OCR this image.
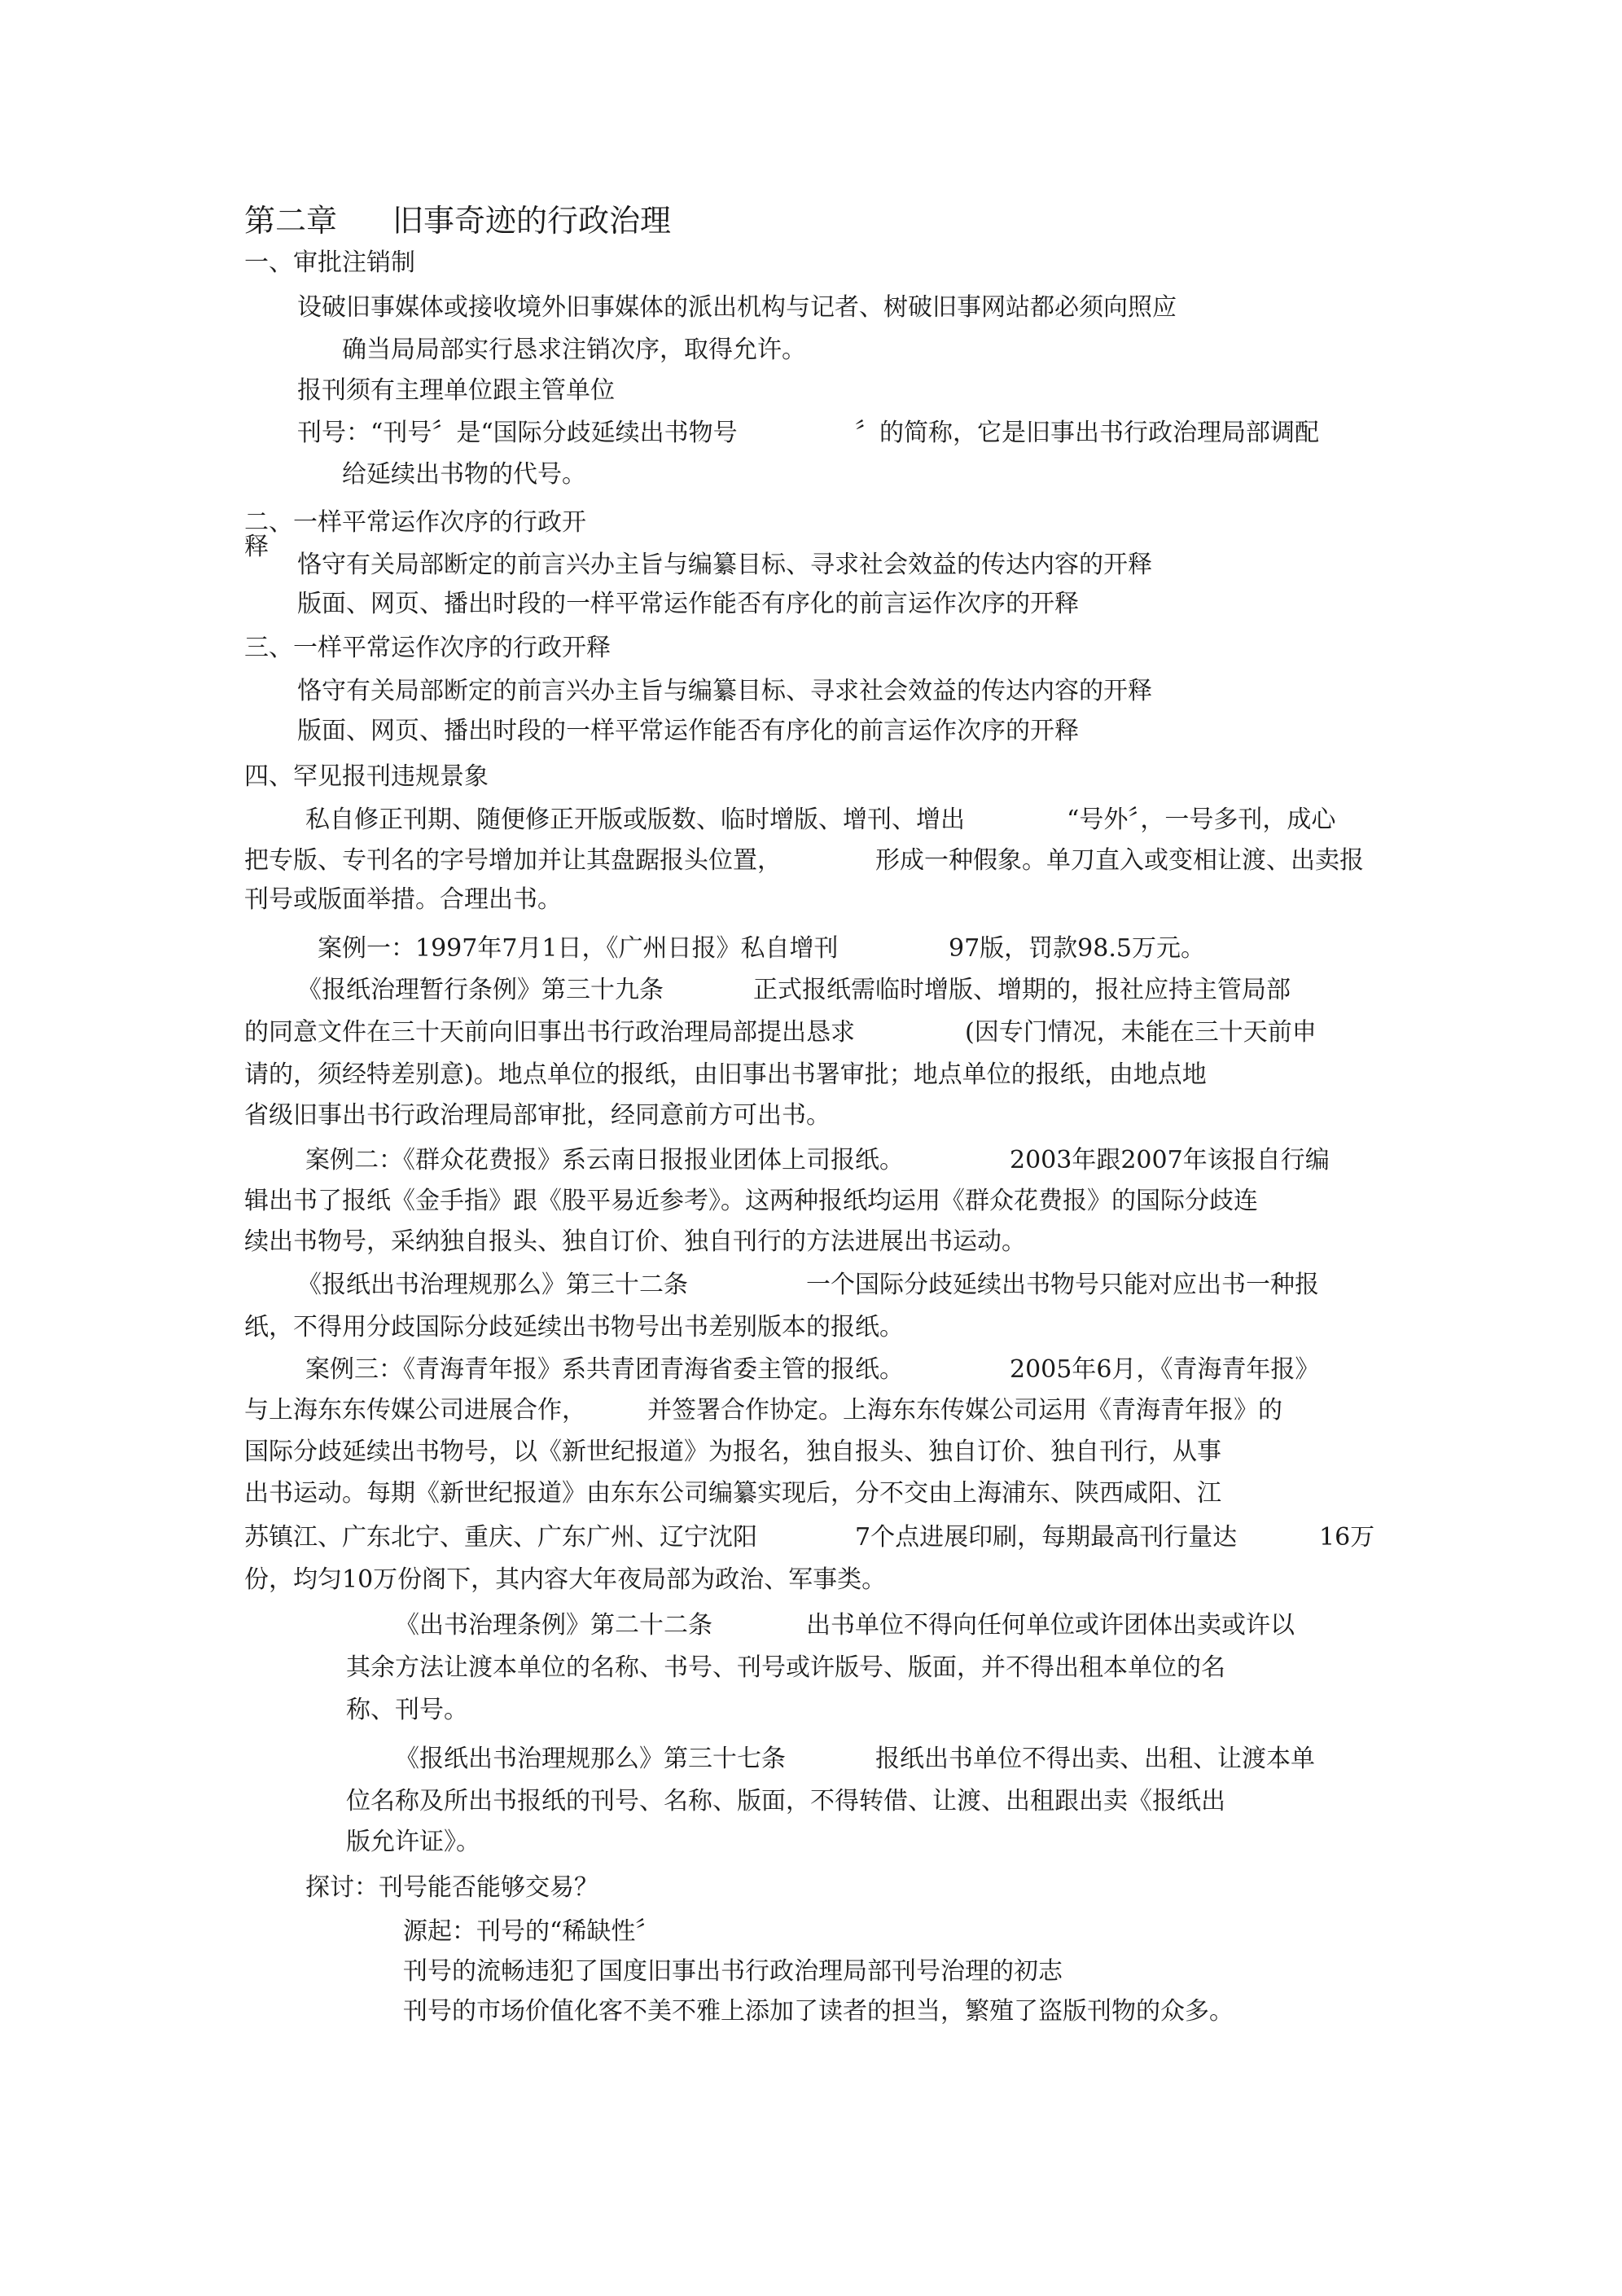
第二章 旧事奇迹的行政治理
一、审批注销制
设破旧事媒体或接收境外旧事媒体的派出机构与记者、树破旧事网站都必须向照应
确当局局部实行恳求注销次序，取得允许。
报刊须有主理单位跟主管单位
刊号：“刊号〞是“国际分歧延续出书物号	〞的简称，它是旧事出书行政治理局部调配
给延续出书物的代号。
二、一样平常运作次序的行政开
释
恪守有关局部断定的前言兴办主旨与编纂目标、寻求社会效益的传达内容的开释
版面、网页、播出时段的一样平常运作能否有序化的前言运作次序的开释
三、一样平常运作次序的行政开释
恪守有关局部断定的前言兴办主旨与编纂目标、寻求社会效益的传达内容的开释
版面、网页、播出时段的一样平常运作能否有序化的前言运作次序的开释
四、罕见报刊违规景象
私自修正刊期、随便修正开版或版数、临时增版、增刊、增出	“号外〞，一号多刊，成心
把专版、专刊名的字号增加并让其盘踞报头位置，	形成一种假象。单刀直入或变相让渡、出卖报
刊号或版面举措。合理出书。
案例一：1997年7月1日，《广州日报》私自增刊	97版，罚款98.5万元。
《报纸治理暂行条例》第三十九条	正式报纸需临时增版、增期的，报社应持主管局部
的同意文件在三十天前向旧事出书行政治理局部提出恳求	(因专门情况，未能在三十天前申
请的，须经特差别意)。地点单位的报纸，由旧事出书署审批；地点单位的报纸，由地点地
省级旧事出书行政治理局部审批，经同意前方可出书。
案例二：《群众花费报》系云南日报报业团体上司报纸。	2003年跟2007年该报自行编
辑出书了报纸《金手指》跟《股平易近参考》。这两种报纸均运用《群众花费报》的国际分歧连
续出书物号，采纳独自报头、独自订价、独自刊行的方法进展出书运动。
《报纸出书治理规那么》第三十二条	一个国际分歧延续出书物号只能对应出书一种报
纸，不得用分歧国际分歧延续出书物号出书差别版本的报纸。
案例三：《青海青年报》系共青团青海省委主管的报纸。	2005年6月，《青海青年报》
与上海东东传媒公司进展合作，	并签署合作协定。上海东东传媒公司运用《青海青年报》的
国际分歧延续出书物号，以《新世纪报道》为报名，独自报头、独自订价、独自刊行，从事
出书运动。每期《新世纪报道》由东东公司编纂实现后，分不交由上海浦东、陕西咸阳、江
苏镇江、广东北宁、重庆、广东广州、辽宁沈阳	7个点进展印刷，每期最高刊行量达	16万
份，均匀10万份阁下，其内容大年夜局部为政治、军事类。
《出书治理条例》第二十二条	出书单位不得向任何单位或许团体出卖或许以
其余方法让渡本单位的名称、书号、刊号或许版号、版面，并不得出租本单位的名
称、刊号。
《报纸出书治理规那么》第三十七条	报纸出书单位不得出卖、出租、让渡本单
位名称及所出书报纸的刊号、名称、版面，不得转借、让渡、出租跟出卖《报纸出
版允许证》。
探讨：刊号能否能够交易？
源起：刊号的“稀缺性〞
刊号的流畅违犯了国度旧事出书行政治理局部刊号治理的初志
刊号的市场价值化客不美不雅上添加了读者的担当，繁殖了盗版刊物的众多。
